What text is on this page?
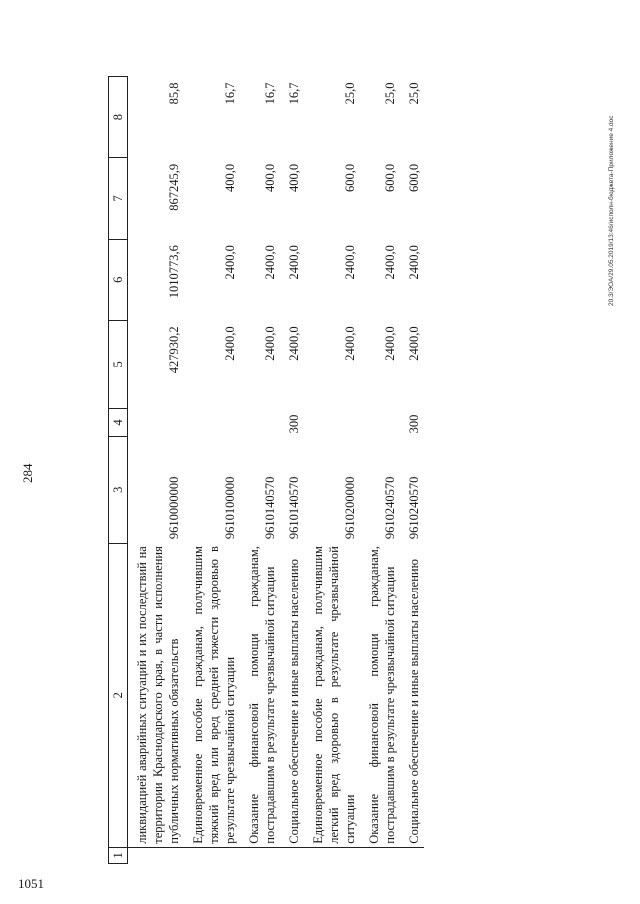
284
1	2	3	4	5	6	7	8
	ликвидацией аварийных ситуаций и их последствий на территории Краснодарского края, в части исполнения публичных нормативных обязательств	9610000000		427930,2	1010773,6	867245,9	85,8
	Единовременное пособие гражданам, получившим тяжкий вред или вред средней тяжести здоровью в результате чрезвычайной ситуации	9610100000		2400,0	2400,0	400,0	16,7
	Оказание финансовой помощи гражданам, пострадавшим в результате чрезвычайной ситуации	9610140570		2400,0	2400,0	400,0	16,7
	Социальное обеспечение и иные выплаты населению	9610140570	300	2400,0	2400,0	400,0	16,7
	Единовременное пособие гражданам, получившим легкий вред здоровью в результате чрезвычайной ситуации	9610200000		2400,0	2400,0	600,0	25,0
	Оказание финансовой помощи гражданам, пострадавшим в результате чрезвычайной ситуации	9610240570		2400,0	2400,0	600,0	25,0
	Социальное обеспечение и иные выплаты населению	9610240570	300	2400,0	2400,0	600,0	25,0
20.3/ЭОА/29.05.2019/13:46/исполн-бюджета-Приложение 4.doc
1051
